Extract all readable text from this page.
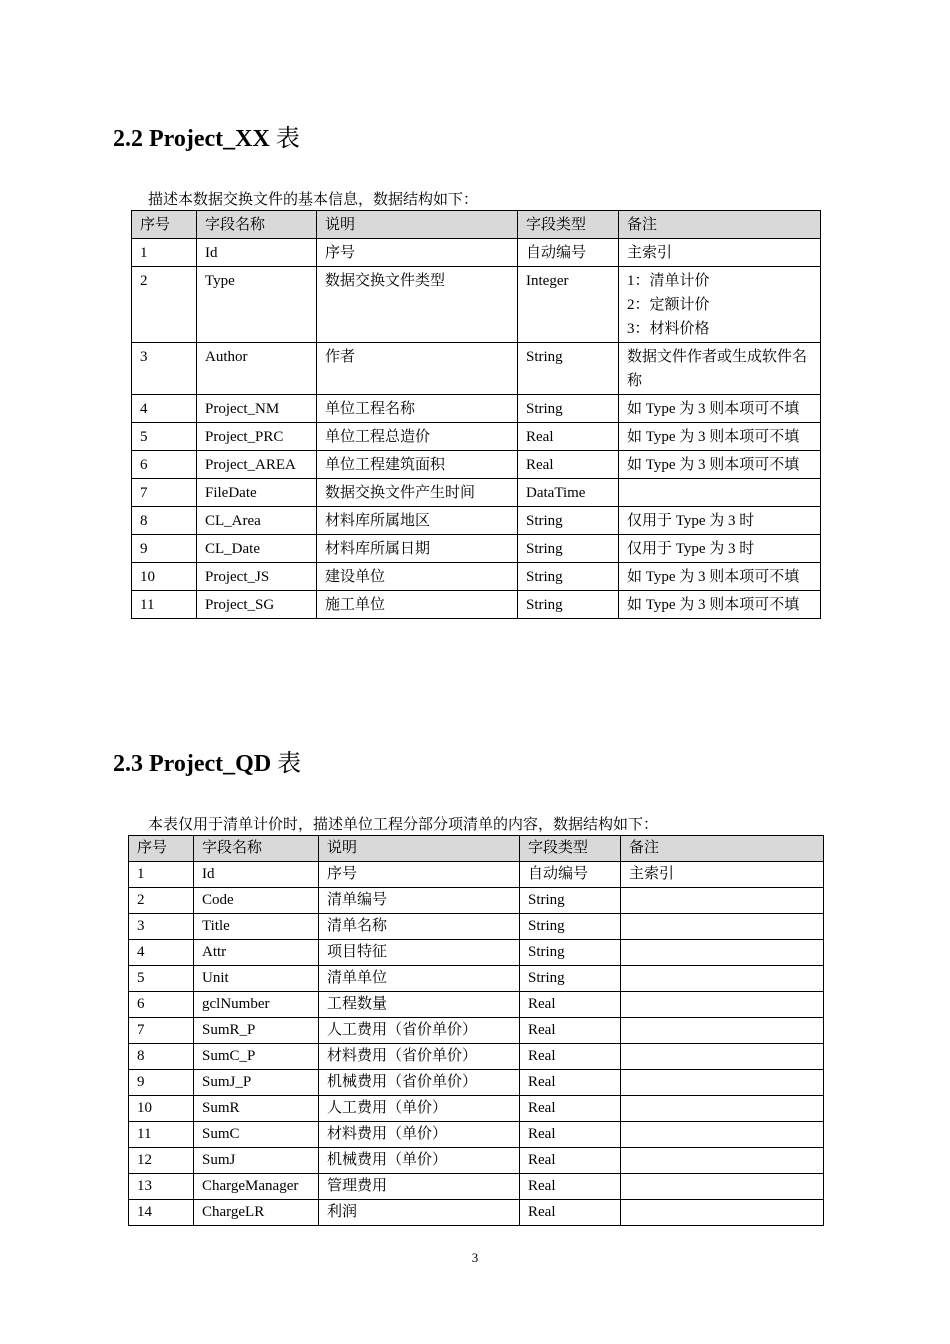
2.2 Project_XX 表

描述本数据交换文件的基本信息，数据结构如下：

序号	字段名称	说明	字段类型	备注
1	Id	序号	自动编号	主索引

2	Type	数据交换文件类型	Integer	1：清单计价
2：定额计价
3：材料价格

3	Author	作者	String	数据文件作者或生成软件名称

4	Project_NM	单位工程名称	String	如 Type 为 3 则本项可不填

5	Project_PRC	单位工程总造价	Real	如 Type 为 3 则本项可不填

6	Project_AREA	单位工程建筑面积	Real	如 Type 为 3 则本项可不填

7	FileDate	数据交换文件产生时间	DataTime	

8	CL_Area	材料库所属地区	String	仅用于 Type 为 3 时

9	CL_Date	材料库所属日期	String	仅用于 Type 为 3 时

10	Project_JS	建设单位	String	如 Type 为 3 则本项可不填

11	Project_SG	施工单位	String	如 Type 为 3 则本项可不填
2.3 Project_QD 表

本表仅用于清单计价时，描述单位工程分部分项清单的内容，数据结构如下：

序号	字段名称	说明	字段类型	备注
1	Id	序号	自动编号	主索引

2	Code	清单编号	String	

3	Title	清单名称	String	

4	Attr	项目特征	String	

5	Unit	清单单位	String	

6	gclNumber	工程数量	Real	

7	SumR_P	人工费用（省价单价）	Real	

8	SumC_P	材料费用（省价单价）	Real	

9	SumJ_P	机械费用（省价单价）	Real	

10	SumR	人工费用（单价）	Real	

11	SumC	材料费用（单价）	Real	

12	SumJ	机械费用（单价）	Real	

13	ChargeManager	管理费用	Real	

14	ChargeLR	利润	Real	
3
